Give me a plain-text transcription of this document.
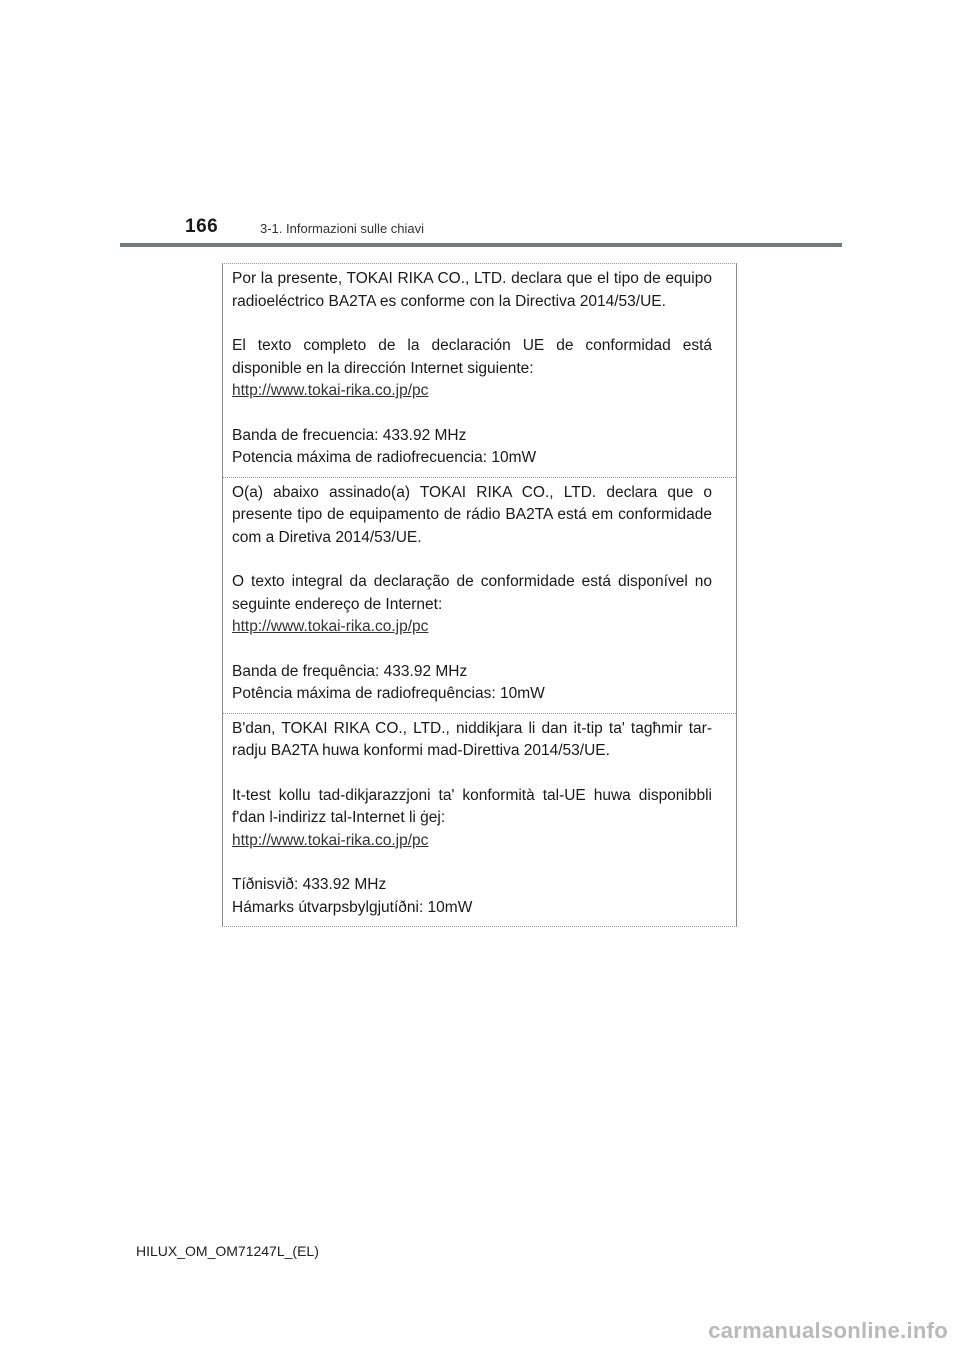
166	3-1. Informazioni sulle chiavi

Por la presente, TOKAI RIKA CO., LTD. declara que el tipo de equipo radioeléctrico BA2TA es conforme con la Directiva 2014/53/UE.

El texto completo de la declaración UE de conformidad está disponible en la dirección Internet siguiente:

http://www.tokai-rika.co.jp/pc

Banda de frecuencia: 433.92 MHz

Potencia máxima de radiofrecuencia: 10mW

O(a) abaixo assinado(a) TOKAI RIKA CO., LTD. declara que o presente tipo de equipamento de rádio BA2TA está em conformidade com a Diretiva 2014/53/UE.

O texto integral da declaração de conformidade está disponível no seguinte endereço de Internet:

http://www.tokai-rika.co.jp/pc

Banda de frequência: 433.92 MHz

Potência máxima de radiofrequências: 10mW

B'dan, TOKAI RIKA CO., LTD., niddikjara li dan it-tip ta' tagħmir tar-radju BA2TA huwa konformi mad-Direttiva 2014/53/UE.

It-test kollu tad-dikjarazzjoni ta' konformità tal-UE huwa disponibbli f'dan l-indirizz tal-Internet li ġej:

http://www.tokai-rika.co.jp/pc

Tíðnisvið: 433.92 MHz

Hámarks útvarpsbylgjutíðni: 10mW

HILUX_OM_OM71247L_(EL)
carmanualsonline.info
